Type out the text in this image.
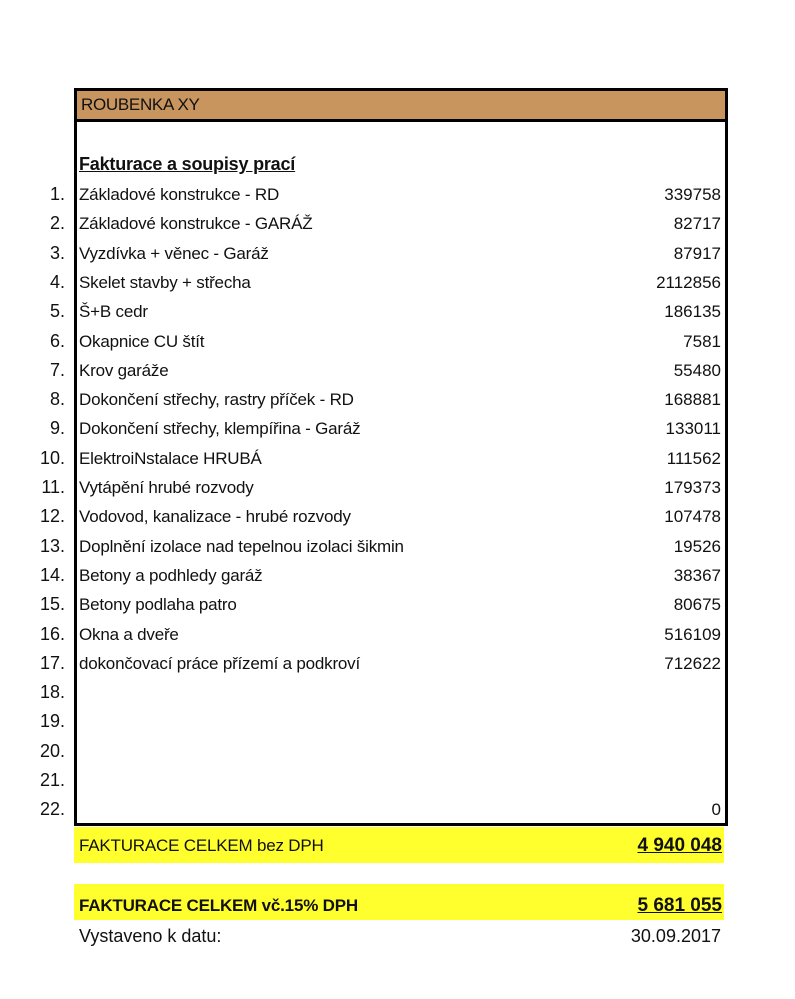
ROUBENKA XY
Fakturace a soupisy prací
1. Základové konstrukce - RD	339758
2. Základové konstrukce - GARÁŽ	82717
3. Vyzdívka + věnec - Garáž	87917
4. Skelet stavby + střecha	2112856
5. Š+B cedr	186135
6. Okapnice CU štít	7581
7. Krov garáže	55480
8. Dokončení střechy, rastry příček - RD	168881
9. Dokončení střechy, klempířina - Garáž	133011
10. ElektroiNstalace HRUBÁ	111562
11. Vytápění hrubé rozvody	179373
12. Vodovod, kanalizace - hrubé rozvody	107478
13. Doplnění izolace nad tepelnou izolaci šikmin	19526
14. Betony a podhledy garáž	38367
15. Betony podlaha patro	80675
16. Okna a dveře	516109
17. dokončovací práce přízemí a podkroví	712622
18.
19.
20.
21.
22.	0
FAKTURACE CELKEM bez DPH	4 940 048
FAKTURACE CELKEM vč.15% DPH	5 681 055
Vystaveno k datu:	30.09.2017
